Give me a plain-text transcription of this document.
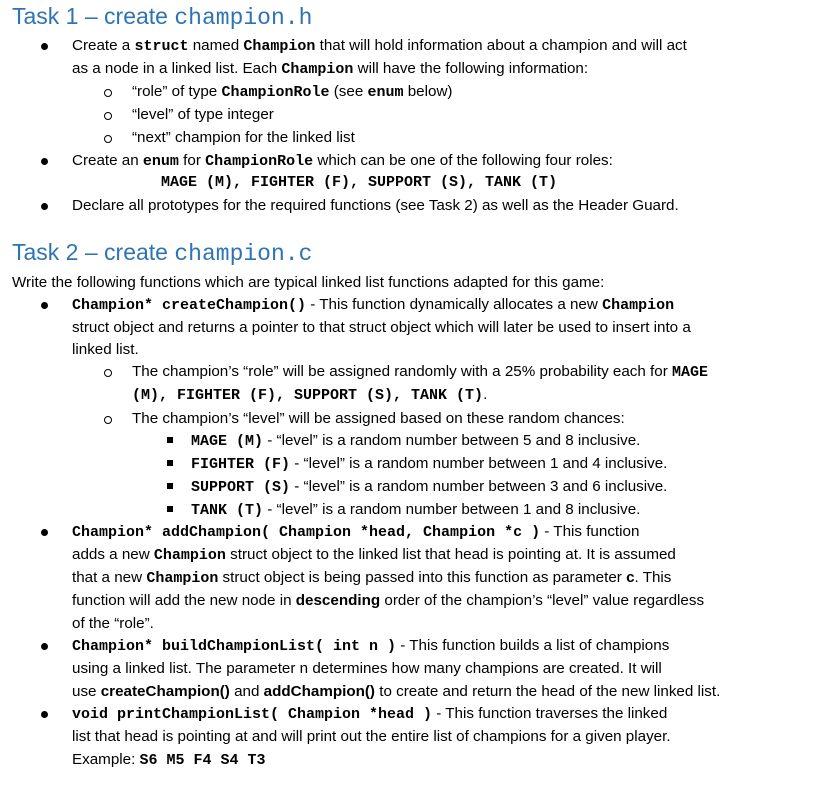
Task 1 – create champion.h
Create a struct named Champion that will hold information about a champion and will act
as a node in a linked list. Each Champion will have the following information:
“role” of type ChampionRole (see enum below)
“level” of type integer
“next” champion for the linked list
Create an enum for ChampionRole which can be one of the following four roles:
MAGE (M), FIGHTER (F), SUPPORT (S), TANK (T)
Declare all prototypes for the required functions (see Task 2) as well as the Header Guard.
Task 2 – create champion.c
Write the following functions which are typical linked list functions adapted for this game:
Champion* createChampion() - This function dynamically allocates a new Champion
struct object and returns a pointer to that struct object which will later be used to insert into a
linked list.
The champion’s “role” will be assigned randomly with a 25% probability each for MAGE
(M), FIGHTER (F), SUPPORT (S), TANK (T).
The champion’s “level” will be assigned based on these random chances:
MAGE (M) - “level” is a random number between 5 and 8 inclusive.
FIGHTER (F) - “level” is a random number between 1 and 4 inclusive.
SUPPORT (S) - “level” is a random number between 3 and 6 inclusive.
TANK (T) - “level” is a random number between 1 and 8 inclusive.
Champion* addChampion( Champion *head, Champion *c ) - This function
adds a new Champion struct object to the linked list that head is pointing at. It is assumed
that a new Champion struct object is being passed into this function as parameter c. This
function will add the new node in descending order of the champion’s “level” value regardless
of the “role”.
Champion* buildChampionList( int n ) - This function builds a list of champions
using a linked list. The parameter n determines how many champions are created. It will
use createChampion() and addChampion() to create and return the head of the new linked list.
void printChampionList( Champion *head ) - This function traverses the linked
list that head is pointing at and will print out the entire list of champions for a given player.
Example: S6 M5 F4 S4 T3
